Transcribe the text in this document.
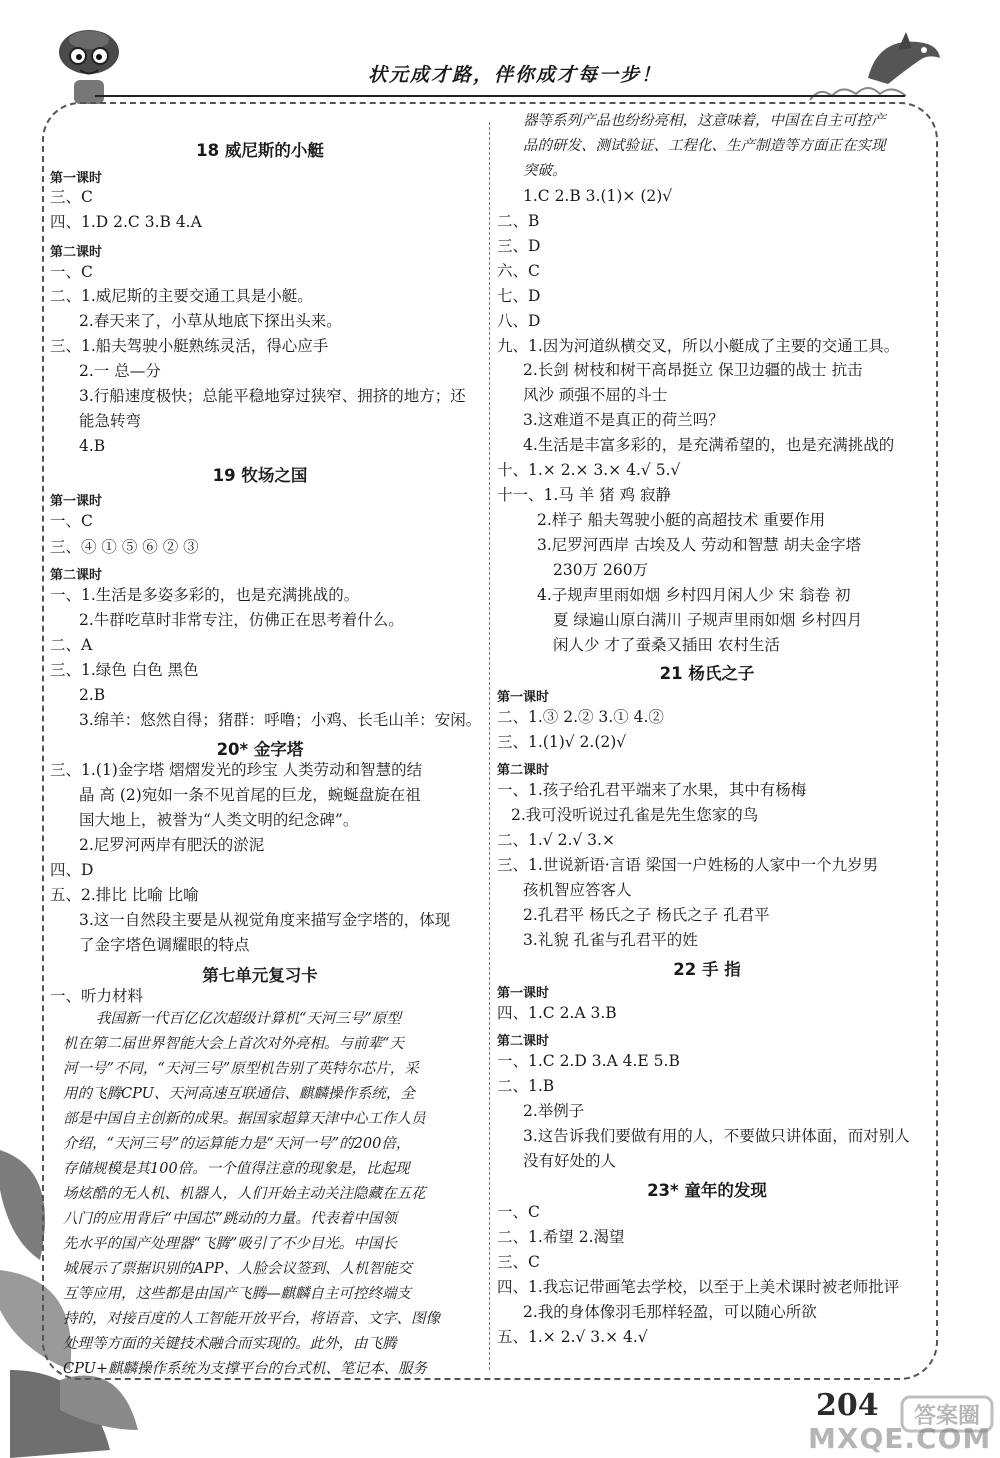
状元成才路，伴你成才每一步！
18 威尼斯的小艇
第一课时
三、C
四、1.D 2.C 3.B 4.A
第二课时
一、C
二、1.威尼斯的主要交通工具是小艇。
2.春天来了，小草从地底下探出头来。
三、1.船夫驾驶小艇熟练灵活，得心应手
2.一 总—分
3.行船速度极快；总能平稳地穿过狭窄、拥挤的地方；还
能急转弯
4.B
19 牧场之国
第一课时
一、C
三、④ ① ⑤ ⑥ ② ③
第二课时
一、1.生活是多姿多彩的，也是充满挑战的。
2.牛群吃草时非常专注，仿佛正在思考着什么。
二、A
三、1.绿色 白色 黑色
2.B
3.绵羊：悠然自得；猪群：呼噜；小鸡、长毛山羊：安闲。
20* 金字塔
三、1.(1)金字塔 熠熠发光的珍宝 人类劳动和智慧的结
晶 高 (2)宛如一条不见首尾的巨龙，蜿蜒盘旋在祖
国大地上，被誉为“人类文明的纪念碑”。
2.尼罗河两岸有肥沃的淤泥
四、D
五、2.排比 比喻 比喻
3.这一自然段主要是从视觉角度来描写金字塔的，体现
了金字塔色调耀眼的特点
第七单元复习卡
一、听力材料
我国新一代百亿亿次超级计算机“天河三号”原型
机在第二届世界智能大会上首次对外亮相。与前辈“天
河一号”不同，“天河三号”原型机告别了英特尔芯片，采
用的飞腾CPU、天河高速互联通信、麒麟操作系统，全
部是中国自主创新的成果。据国家超算天津中心工作人员
介绍，“天河三号”的运算能力是“天河一号”的200倍，
存储规模是其100倍。一个值得注意的现象是，比起现
场炫酷的无人机、机器人，人们开始主动关注隐藏在五花
八门的应用背后“中国芯”跳动的力量。代表着中国领
先水平的国产处理器“飞腾”吸引了不少目光。中国长
城展示了票据识别的APP、人脸会议签到、人机智能交
互等应用，这些都是由国产飞腾—麒麟自主可控终端支
持的，对接百度的人工智能开放平台，将语音、文字、图像
处理等方面的关键技术融合而实现的。此外，由飞腾
CPU+麒麟操作系统为支撑平台的台式机、笔记本、服务
器等系列产品也纷纷亮相，这意味着，中国在自主可控产
品的研发、测试验证、工程化、生产制造等方面正在实现
突破。
1.C 2.B 3.(1)× (2)√
二、B
三、D
六、C
七、D
八、D
九、1.因为河道纵横交叉，所以小艇成了主要的交通工具。
2.长剑 树枝和树干高昂挺立 保卫边疆的战士 抗击
风沙 顽强不屈的斗士
3.这难道不是真正的荷兰吗？
4.生活是丰富多彩的，是充满希望的，也是充满挑战的
十、1.× 2.× 3.× 4.√ 5.√
十一、1.马 羊 猪 鸡 寂静
2.样子 船夫驾驶小艇的高超技术 重要作用
3.尼罗河西岸 古埃及人 劳动和智慧 胡夫金字塔
230万 260万
4.子规声里雨如烟 乡村四月闲人少 宋 翁卷 初
夏 绿遍山原白满川 子规声里雨如烟 乡村四月
闲人少 才了蚕桑又插田 农村生活
21 杨氏之子
第一课时
二、1.③ 2.② 3.① 4.②
三、1.(1)√ 2.(2)√
第二课时
一、1.孩子给孔君平端来了水果，其中有杨梅
2.我可没听说过孔雀是先生您家的鸟
二、1.√ 2.√ 3.×
三、1.世说新语·言语 梁国一户姓杨的人家中一个九岁男
孩机智应答客人
2.孔君平 杨氏之子 杨氏之子 孔君平
3.礼貌 孔雀与孔君平的姓
22 手 指
第一课时
四、1.C 2.A 3.B
第二课时
一、1.C 2.D 3.A 4.E 5.B
二、1.B
2.举例子
3.这告诉我们要做有用的人，不要做只讲体面，而对别人
没有好处的人
23* 童年的发现
一、C
二、1.希望 2.渴望
三、C
四、1.我忘记带画笔去学校，以至于上美术课时被老师批评
2.我的身体像羽毛那样轻盈，可以随心所欲
五、1.× 2.√ 3.× 4.√
204 答案圈
MXQE.COM
